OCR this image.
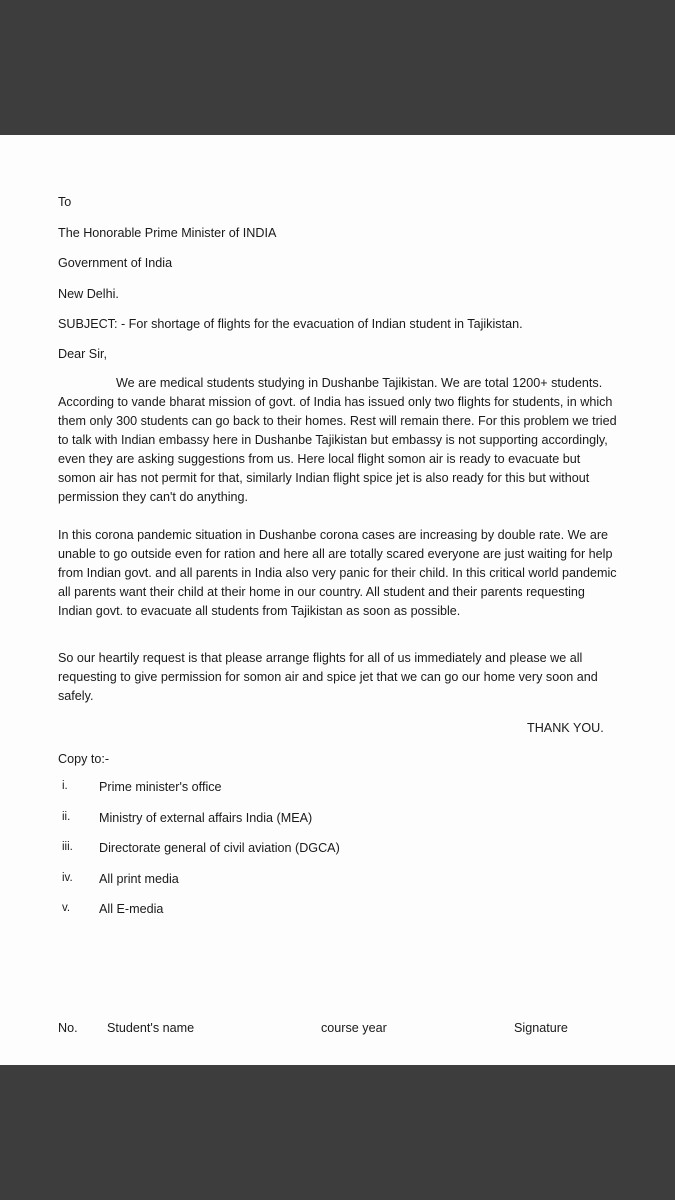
To
The Honorable Prime Minister of INDIA
Government of India
New Delhi.
SUBJECT: - For shortage of flights for the evacuation of Indian student in Tajikistan.
Dear Sir,
We are medical students studying in Dushanbe Tajikistan. We are total 1200+ students. According to vande bharat mission of govt. of India has issued only two flights for students, in which them only 300 students can go back to their homes. Rest will remain there. For this problem we tried to talk with Indian embassy here in Dushanbe Tajikistan but embassy is not supporting accordingly, even they are asking suggestions from us. Here local flight somon air is ready to evacuate but somon air has not permit for that, similarly Indian flight spice jet is also ready for this but without permission they can't do anything.
In this corona pandemic situation in Dushanbe corona cases are increasing by double rate. We are unable to go outside even for ration and here all are totally scared everyone are just waiting for help from Indian govt. and all parents in India also very panic for their child. In this critical world pandemic all parents want their child at their home in our country. All student and their parents requesting Indian govt. to evacuate all students from Tajikistan as soon as possible.
So our heartily request is that please arrange flights for all of us immediately and please we all requesting to give permission for somon air and spice jet that we can go our home very soon and safely.
THANK YOU.
Copy to:-
i.	Prime minister's office
ii.	Ministry of external affairs India (MEA)
iii.	Directorate general of civil aviation (DGCA)
iv.	All print media
v.	All E-media
No. Student's name	course year	Signature
